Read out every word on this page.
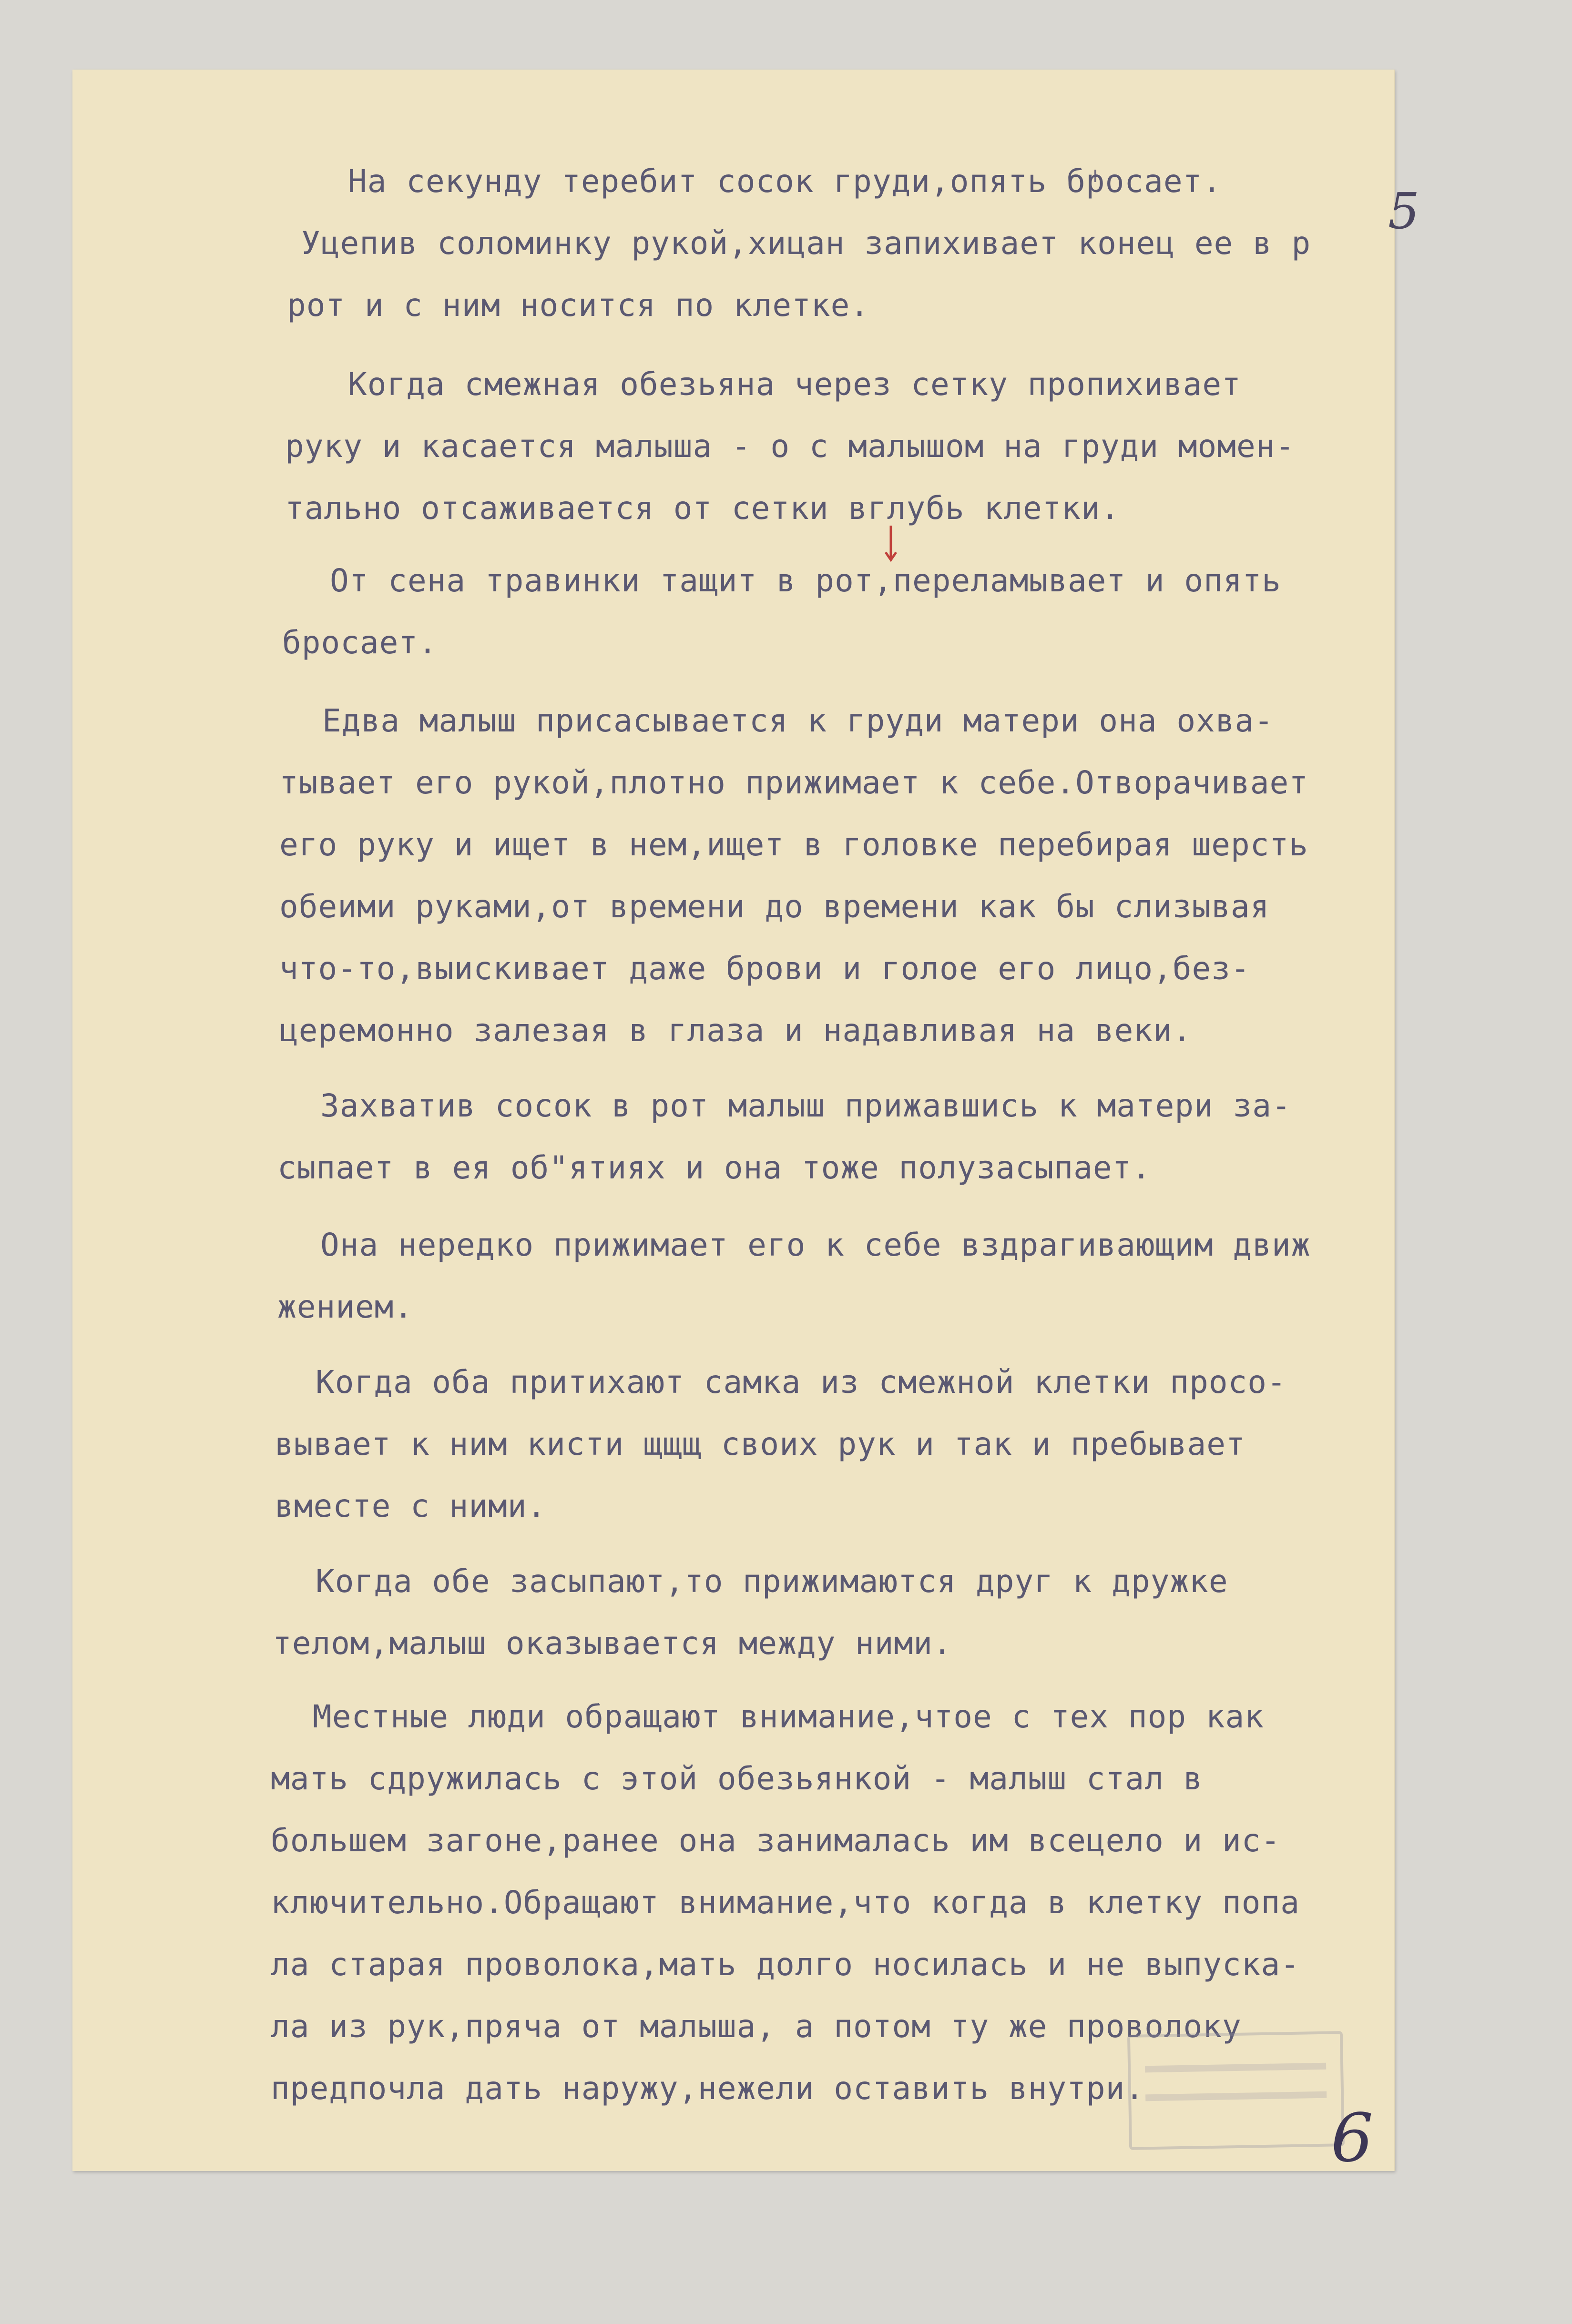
5
На секунду теребит сосок груди,опять бросает.
Уцепив соломинку рукой,хицан запихивает конец ее в р
рот и с ним носится по клетке.
Когда смежная обезьяна через сетку пропихивает
руку и касается малыша - о с малышом на груди момен-
тально отсаживается от сетки вглубь клетки.
От сена травинки тащит в рот,переламывает и опять
бросает.
Едва малыш присасывается к груди матери она охва-
тывает его рукой,плотно прижимает к себе.Отворачивает
его руку и ищет в нем,ищет в головке перебирая шерсть
обеими руками,от времени до времени как бы слизывая
что-то,выискивает даже брови и голое его лицо,без-
церемонно залезая в глаза и надавливая на веки.
Захватив сосок в рот малыш прижавшись к матери за-
сыпает в ея об"ятиях и она тоже полузасыпает.
Она нередко прижимает его к себе вздрагивающим движ
жением.
Когда оба притихают самка из смежной клетки просо-
вывает к ним кисти щщщ своих рук и так и пребывает
вместе с ними.
Когда обе засыпают,то прижимаются друг к дружке
телом,малыш оказывается между ними.
Местные люди обращают внимание,чтое с тех пор как
мать сдружилась с этой обезьянкой - малыш стал в
большем загоне,ранее она занималась им всецело и ис-
ключительно.Обращают внимание,что когда в клетку попа
ла старая проволока,мать долго носилась и не выпуска-
ла из рук,пряча от малыша, а потом ту же проволоку
предпочла дать наружу,нежели оставить внутри.
6
